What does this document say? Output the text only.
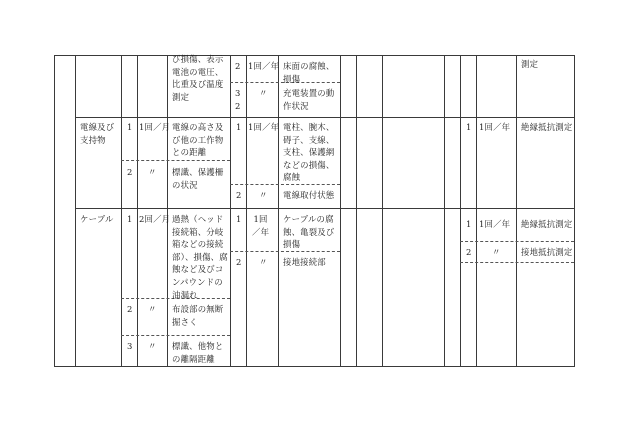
び損傷、表示
電池の電圧、
比重及び温度
測定
2 1回／年 床面の腐蝕、
損傷
3
2
〃 充電装置の動
作状況
測定
電線及び
支持物
1 1回／月 電線の高さ及
び他の工作物
との距離
2 〃 標識、保護柵
の状況
1 1回／年 電柱、腕木、
碍子、支線、
支柱、保護網
などの損傷、
腐蝕
2 〃 電線取付状態
1 1回／年 絶縁抵抗測定
ケーブル 1 2回／月 過熱（ヘッド
接続箱、分岐
箱などの接続
部）、損傷、腐
蝕など及びコ
ンパウンドの
油漏れ
2 〃 布設部の無断
掘さく
3 〃 標識、他物と
の離隔距離
1 1回
／年
ケーブルの腐
蝕、亀裂及び
損傷
2 〃 接地接続部
1 1回／年 絶縁抵抗測定
2 〃 接地抵抗測定
